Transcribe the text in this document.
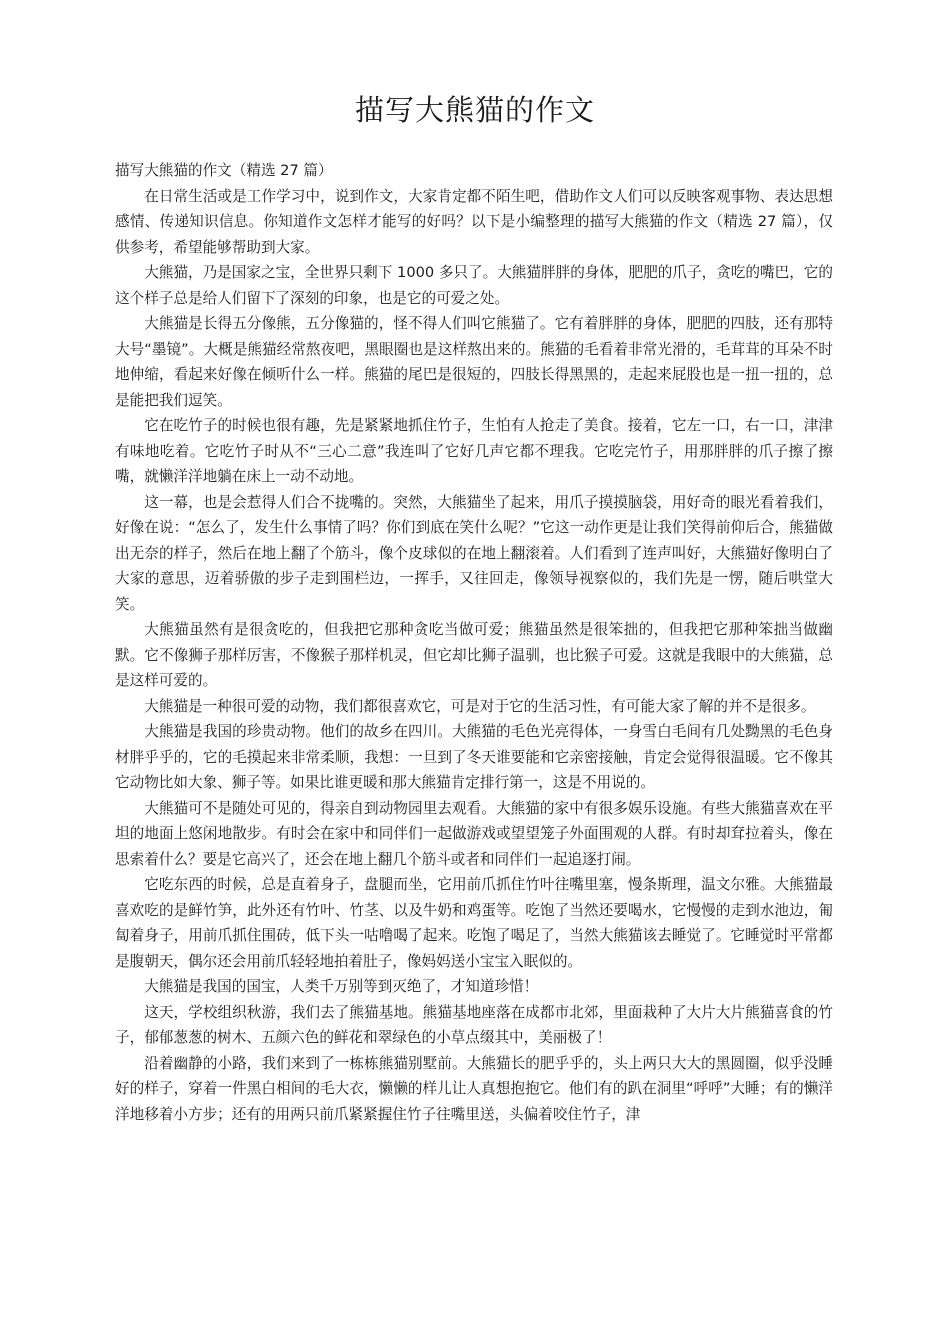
描写大熊猫的作文

描写大熊猫的作文（精选 27 篇）

在日常生活或是工作学习中，说到作文，大家肯定都不陌生吧，借助作文人们可以反映客观事物、表达思想感情、传递知识信息。你知道作文怎样才能写的好吗？以下是小编整理的描写大熊猫的作文（精选 27 篇），仅供参考，希望能够帮助到大家。

大熊猫，乃是国家之宝，全世界只剩下 1000 多只了。大熊猫胖胖的身体，肥肥的爪子，贪吃的嘴巴，它的这个样子总是给人们留下了深刻的印象，也是它的可爱之处。

大熊猫是长得五分像熊，五分像猫的，怪不得人们叫它熊猫了。它有着胖胖的身体，肥肥的四肢，还有那特大号“墨镜”。大概是熊猫经常熬夜吧，黑眼圈也是这样熬出来的。熊猫的毛看着非常光滑的，毛茸茸的耳朵不时地伸缩，看起来好像在倾听什么一样。熊猫的尾巴是很短的，四肢长得黑黑的，走起来屁股也是一扭一扭的，总是能把我们逗笑。

它在吃竹子的时候也很有趣，先是紧紧地抓住竹子，生怕有人抢走了美食。接着，它左一口，右一口，津津有味地吃着。它吃竹子时从不“三心二意”我连叫了它好几声它都不理我。它吃完竹子，用那胖胖的爪子擦了擦嘴，就懒洋洋地躺在床上一动不动地。

这一幕，也是会惹得人们合不拢嘴的。突然，大熊猫坐了起来，用爪子摸摸脑袋，用好奇的眼光看着我们，好像在说：“怎么了，发生什么事情了吗？你们到底在笑什么呢？”它这一动作更是让我们笑得前仰后合，熊猫做出无奈的样子，然后在地上翻了个筋斗，像个皮球似的在地上翻滚着。人们看到了连声叫好，大熊猫好像明白了大家的意思，迈着骄傲的步子走到围栏边，一挥手，又往回走，像领导视察似的，我们先是一愣，随后哄堂大笑。

大熊猫虽然有是很贪吃的，但我把它那种贪吃当做可爱；熊猫虽然是很笨拙的，但我把它那种笨拙当做幽默。它不像狮子那样厉害，不像猴子那样机灵，但它却比狮子温驯，也比猴子可爱。这就是我眼中的大熊猫，总是这样可爱的。

大熊猫是一种很可爱的动物，我们都很喜欢它，可是对于它的生活习性，有可能大家了解的并不是很多。

大熊猫是我国的珍贵动物。他们的故乡在四川。大熊猫的毛色光亮得体，一身雪白毛间有几处黝黑的毛色身材胖乎乎的，它的毛摸起来非常柔顺，我想：一旦到了冬天谁要能和它亲密接触，肯定会觉得很温暖。它不像其它动物比如大象、狮子等。如果比谁更暖和那大熊猫肯定排行第一，这是不用说的。

大熊猫可不是随处可见的，得亲自到动物园里去观看。大熊猫的家中有很多娱乐设施。有些大熊猫喜欢在平坦的地面上悠闲地散步。有时会在家中和同伴们一起做游戏或望望笼子外面围观的人群。有时却耷拉着头，像在思索着什么？要是它高兴了，还会在地上翻几个筋斗或者和同伴们一起追逐打闹。

它吃东西的时候，总是直着身子，盘腿而坐，它用前爪抓住竹叶往嘴里塞，慢条斯理，温文尔雅。大熊猫最喜欢吃的是鲜竹笋，此外还有竹叶、竹茎、以及牛奶和鸡蛋等。吃饱了当然还要喝水，它慢慢的走到水池边，匍匐着身子，用前爪抓住围砖，低下头一咕噜喝了起来。吃饱了喝足了，当然大熊猫该去睡觉了。它睡觉时平常都是腹朝天，偶尔还会用前爪轻轻地拍着肚子，像妈妈送小宝宝入眠似的。

大熊猫是我国的国宝，人类千万别等到灭绝了，才知道珍惜！

这天，学校组织秋游，我们去了熊猫基地。熊猫基地座落在成都市北郊，里面栽种了大片大片熊猫喜食的竹子，郁郁葱葱的树木、五颜六色的鲜花和翠绿色的小草点缀其中，美丽极了！

沿着幽静的小路，我们来到了一栋栋熊猫别墅前。大熊猫长的肥乎乎的，头上两只大大的黑圆圈，似乎没睡好的样子，穿着一件黑白相间的毛大衣，懒懒的样儿让人真想抱抱它。他们有的趴在洞里“呼呼”大睡；有的懒洋洋地移着小方步；还有的用两只前爪紧紧握住竹子往嘴里送，头偏着咬住竹子，津
